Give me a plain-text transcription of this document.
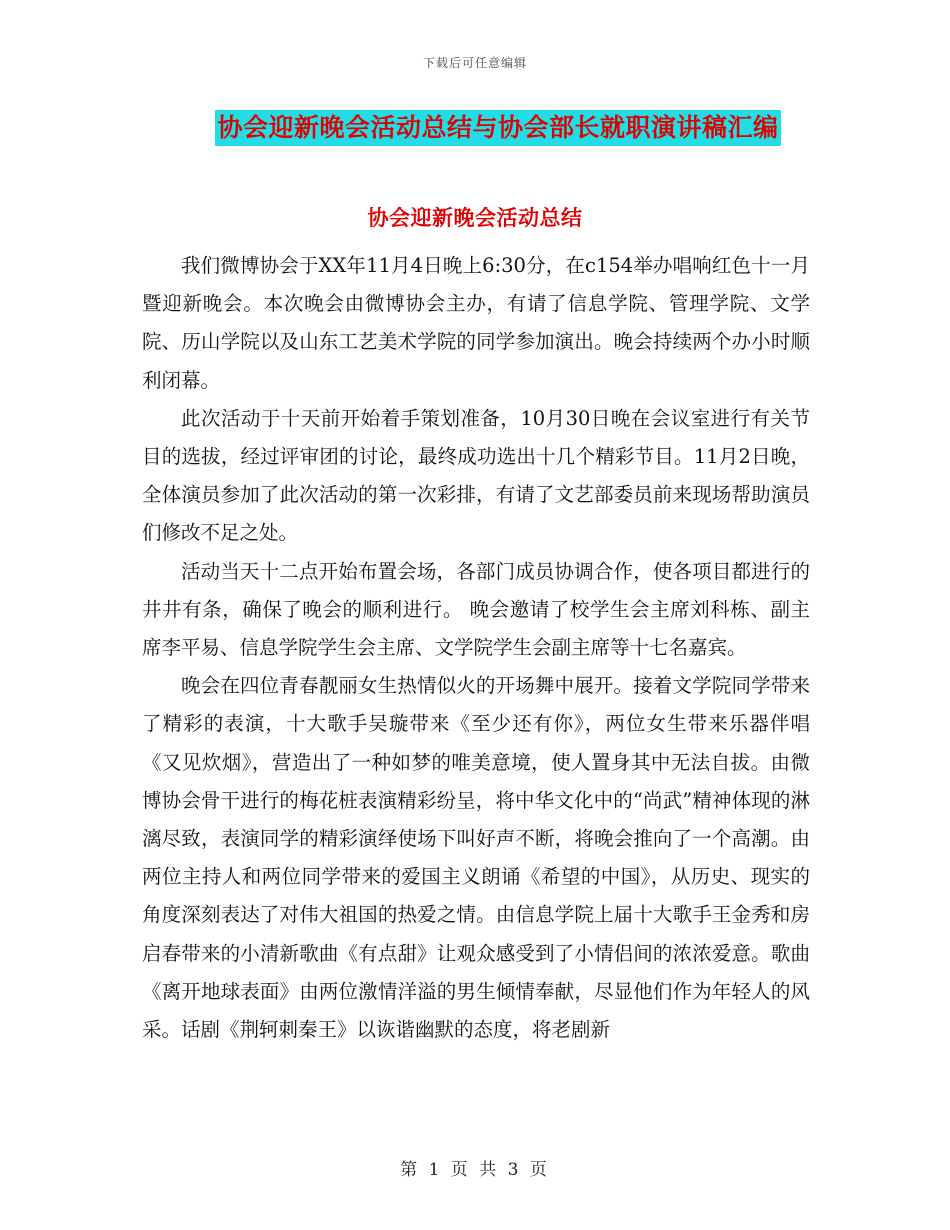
下载后可任意编辑
协会迎新晚会活动总结与协会部长就职演讲稿汇编
协会迎新晚会活动总结

我们微博协会于XX年11月4日晚上6:30分，在c154举办唱响红色十一月暨迎新晚会。本次晚会由微博协会主办，有请了信息学院、管理学院、文学院、历山学院以及山东工艺美术学院的同学参加演出。晚会持续两个办小时顺利闭幕。

此次活动于十天前开始着手策划准备，10月30日晚在会议室进行有关节目的选拔，经过评审团的讨论，最终成功选出十几个精彩节目。11月2日晚，全体演员参加了此次活动的第一次彩排，有请了文艺部委员前来现场帮助演员们修改不足之处。

活动当天十二点开始布置会场，各部门成员协调合作，使各项目都进行的井井有条，确保了晚会的顺利进行。 晚会邀请了校学生会主席刘科栋、副主席李平易、信息学院学生会主席、文学院学生会副主席等十七名嘉宾。

晚会在四位青春靓丽女生热情似火的开场舞中展开。接着文学院同学带来了精彩的表演，十大歌手吴璇带来《至少还有你》，两位女生带来乐器伴唱《又见炊烟》，营造出了一种如梦的唯美意境，使人置身其中无法自拔。由微博协会骨干进行的梅花桩表演精彩纷呈，将中华文化中的“尚武”精神体现的淋漓尽致，表演同学的精彩演绎使场下叫好声不断，将晚会推向了一个高潮。由两位主持人和两位同学带来的爱国主义朗诵《希望的中国》，从历史、现实的角度深刻表达了对伟大祖国的热爱之情。由信息学院上届十大歌手王金秀和房启春带来的小清新歌曲《有点甜》让观众感受到了小情侣间的浓浓爱意。歌曲《离开地球表面》由两位激情洋溢的男生倾情奉献，尽显他们作为年轻人的风采。话剧《荆轲刺秦王》以诙谐幽默的态度，将老剧新

第 1 页 共 3 页
